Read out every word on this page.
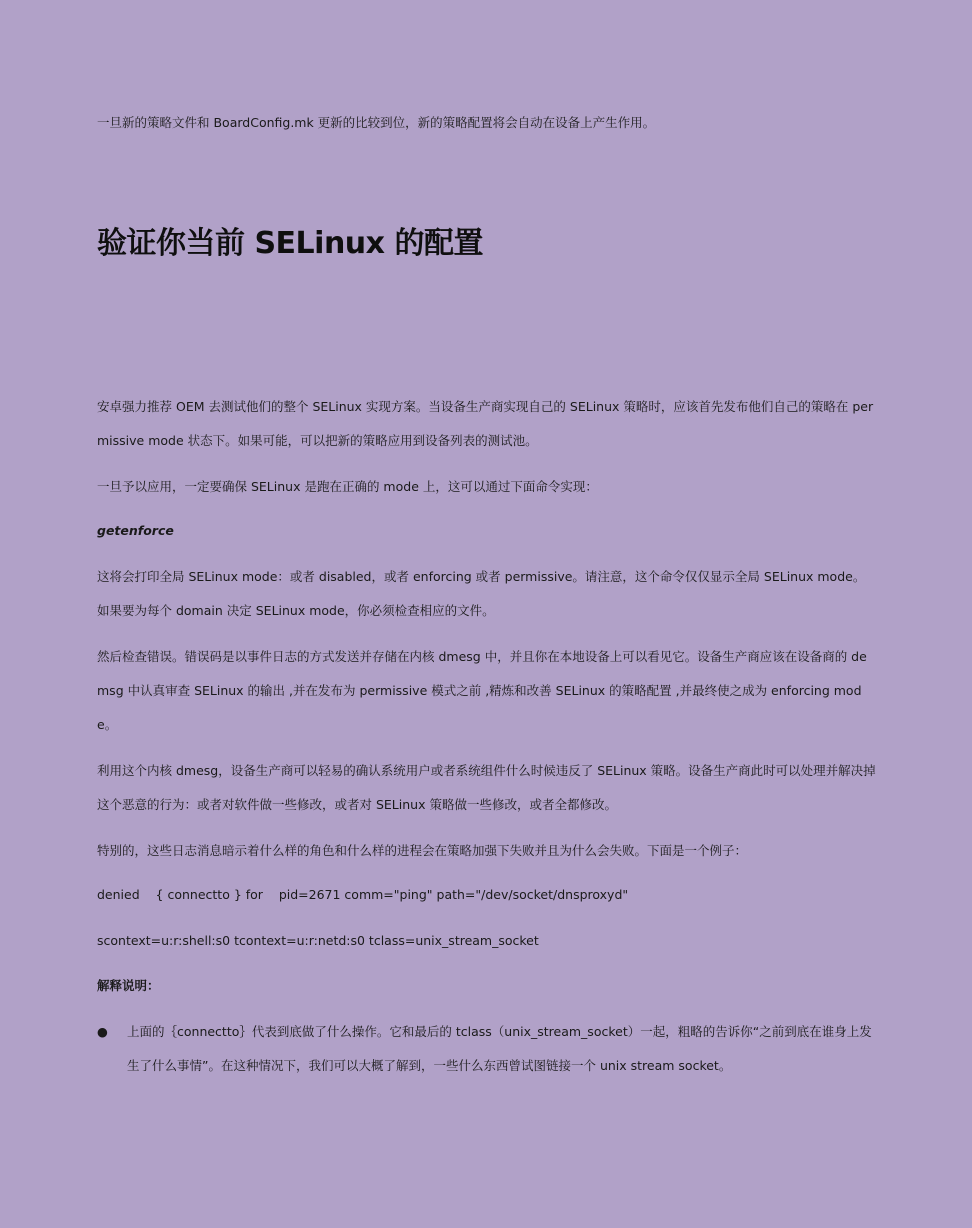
一旦新的策略文件和 BoardConfig.mk 更新的比较到位，新的策略配置将会自动在设备上产生作用。

验证你当前 SELinux 的配置

安卓强力推荐 OEM 去测试他们的整个 SELinux 实现方案。当设备生产商实现自己的 SELinux 策略时，应该首先发布他们自己的策略在 permissive mode 状态下。如果可能，可以把新的策略应用到设备列表的测试池。

一旦予以应用，一定要确保 SELinux 是跑在正确的 mode 上，这可以通过下面命令实现：

getenforce

这将会打印全局 SELinux mode：或者 disabled，或者 enforcing 或者 permissive。请注意，这个命令仅仅显示全局 SELinux mode。如果要为每个 domain 决定 SELinux mode，你必须检查相应的文件。

然后检查错误。错误码是以事件日志的方式发送并存储在内核 dmesg 中，并且你在本地设备上可以看见它。设备生产商应该在设备商的 demsg 中认真审查 SELinux 的输出 ,并在发布为 permissive 模式之前 ,精炼和改善 SELinux 的策略配置 ,并最终使之成为 enforcing mode。

利用这个内核 dmesg，设备生产商可以轻易的确认系统用户或者系统组件什么时候违反了 SELinux 策略。设备生产商此时可以处理并解决掉这个恶意的行为：或者对软件做一些修改，或者对 SELinux 策略做一些修改，或者全都修改。

特别的，这些日志消息暗示着什么样的角色和什么样的进程会在策略加强下失败并且为什么会失败。下面是一个例子：

denied    { connectto } for    pid=2671 comm="ping" path="/dev/socket/dnsproxyd"

scontext=u:r:shell:s0 tcontext=u:r:netd:s0 tclass=unix_stream_socket

解释说明：

●	上面的｛connectto｝代表到底做了什么操作。它和最后的 tclass（unix_stream_socket）一起，粗略的告诉你“之前到底在谁身上发生了什么事情”。在这种情况下，我们可以大概了解到，一些什么东西曾试图链接一个 unix stream socket。
